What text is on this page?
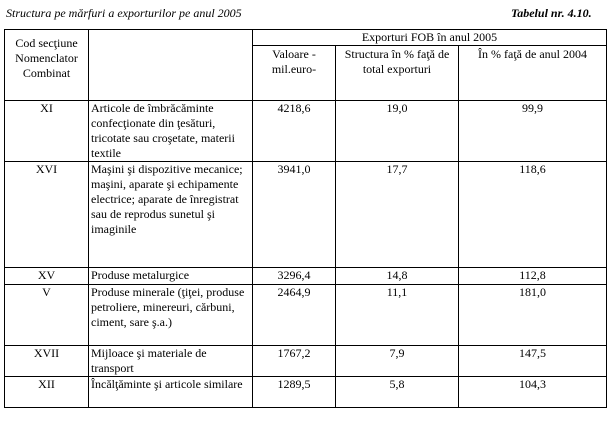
Structura pe mărfuri a exporturilor pe anul 2005	Tabelul nr. 4.10.
Cod secţiune Nomenclator Combinat		Exporturi FOB în anul 2005		
		Valoare -mil.euro-	Structura în % faţă de total exporturi	În % faţă de anul 2004
XI	Articole de îmbrăcăminte confecţionate din ţesături, tricotate sau croşetate, materii textile	4218,6	19,0	99,9
XVI	Maşini şi dispozitive mecanice; maşini, aparate şi echipamente electrice; aparate de înregistrat sau de reprodus sunetul şi imaginile	3941,0	17,7	118,6
XV	Produse metalurgice	3296,4	14,8	112,8
V	Produse minerale (ţiţei, produse petroliere, minereuri, cărbuni, ciment, sare ş.a.)	2464,9	11,1	181,0
XVII	Mijloace şi materiale de transport	1767,2	7,9	147,5
XII	Încălţăminte şi articole similare	1289,5	5,8	104,3
